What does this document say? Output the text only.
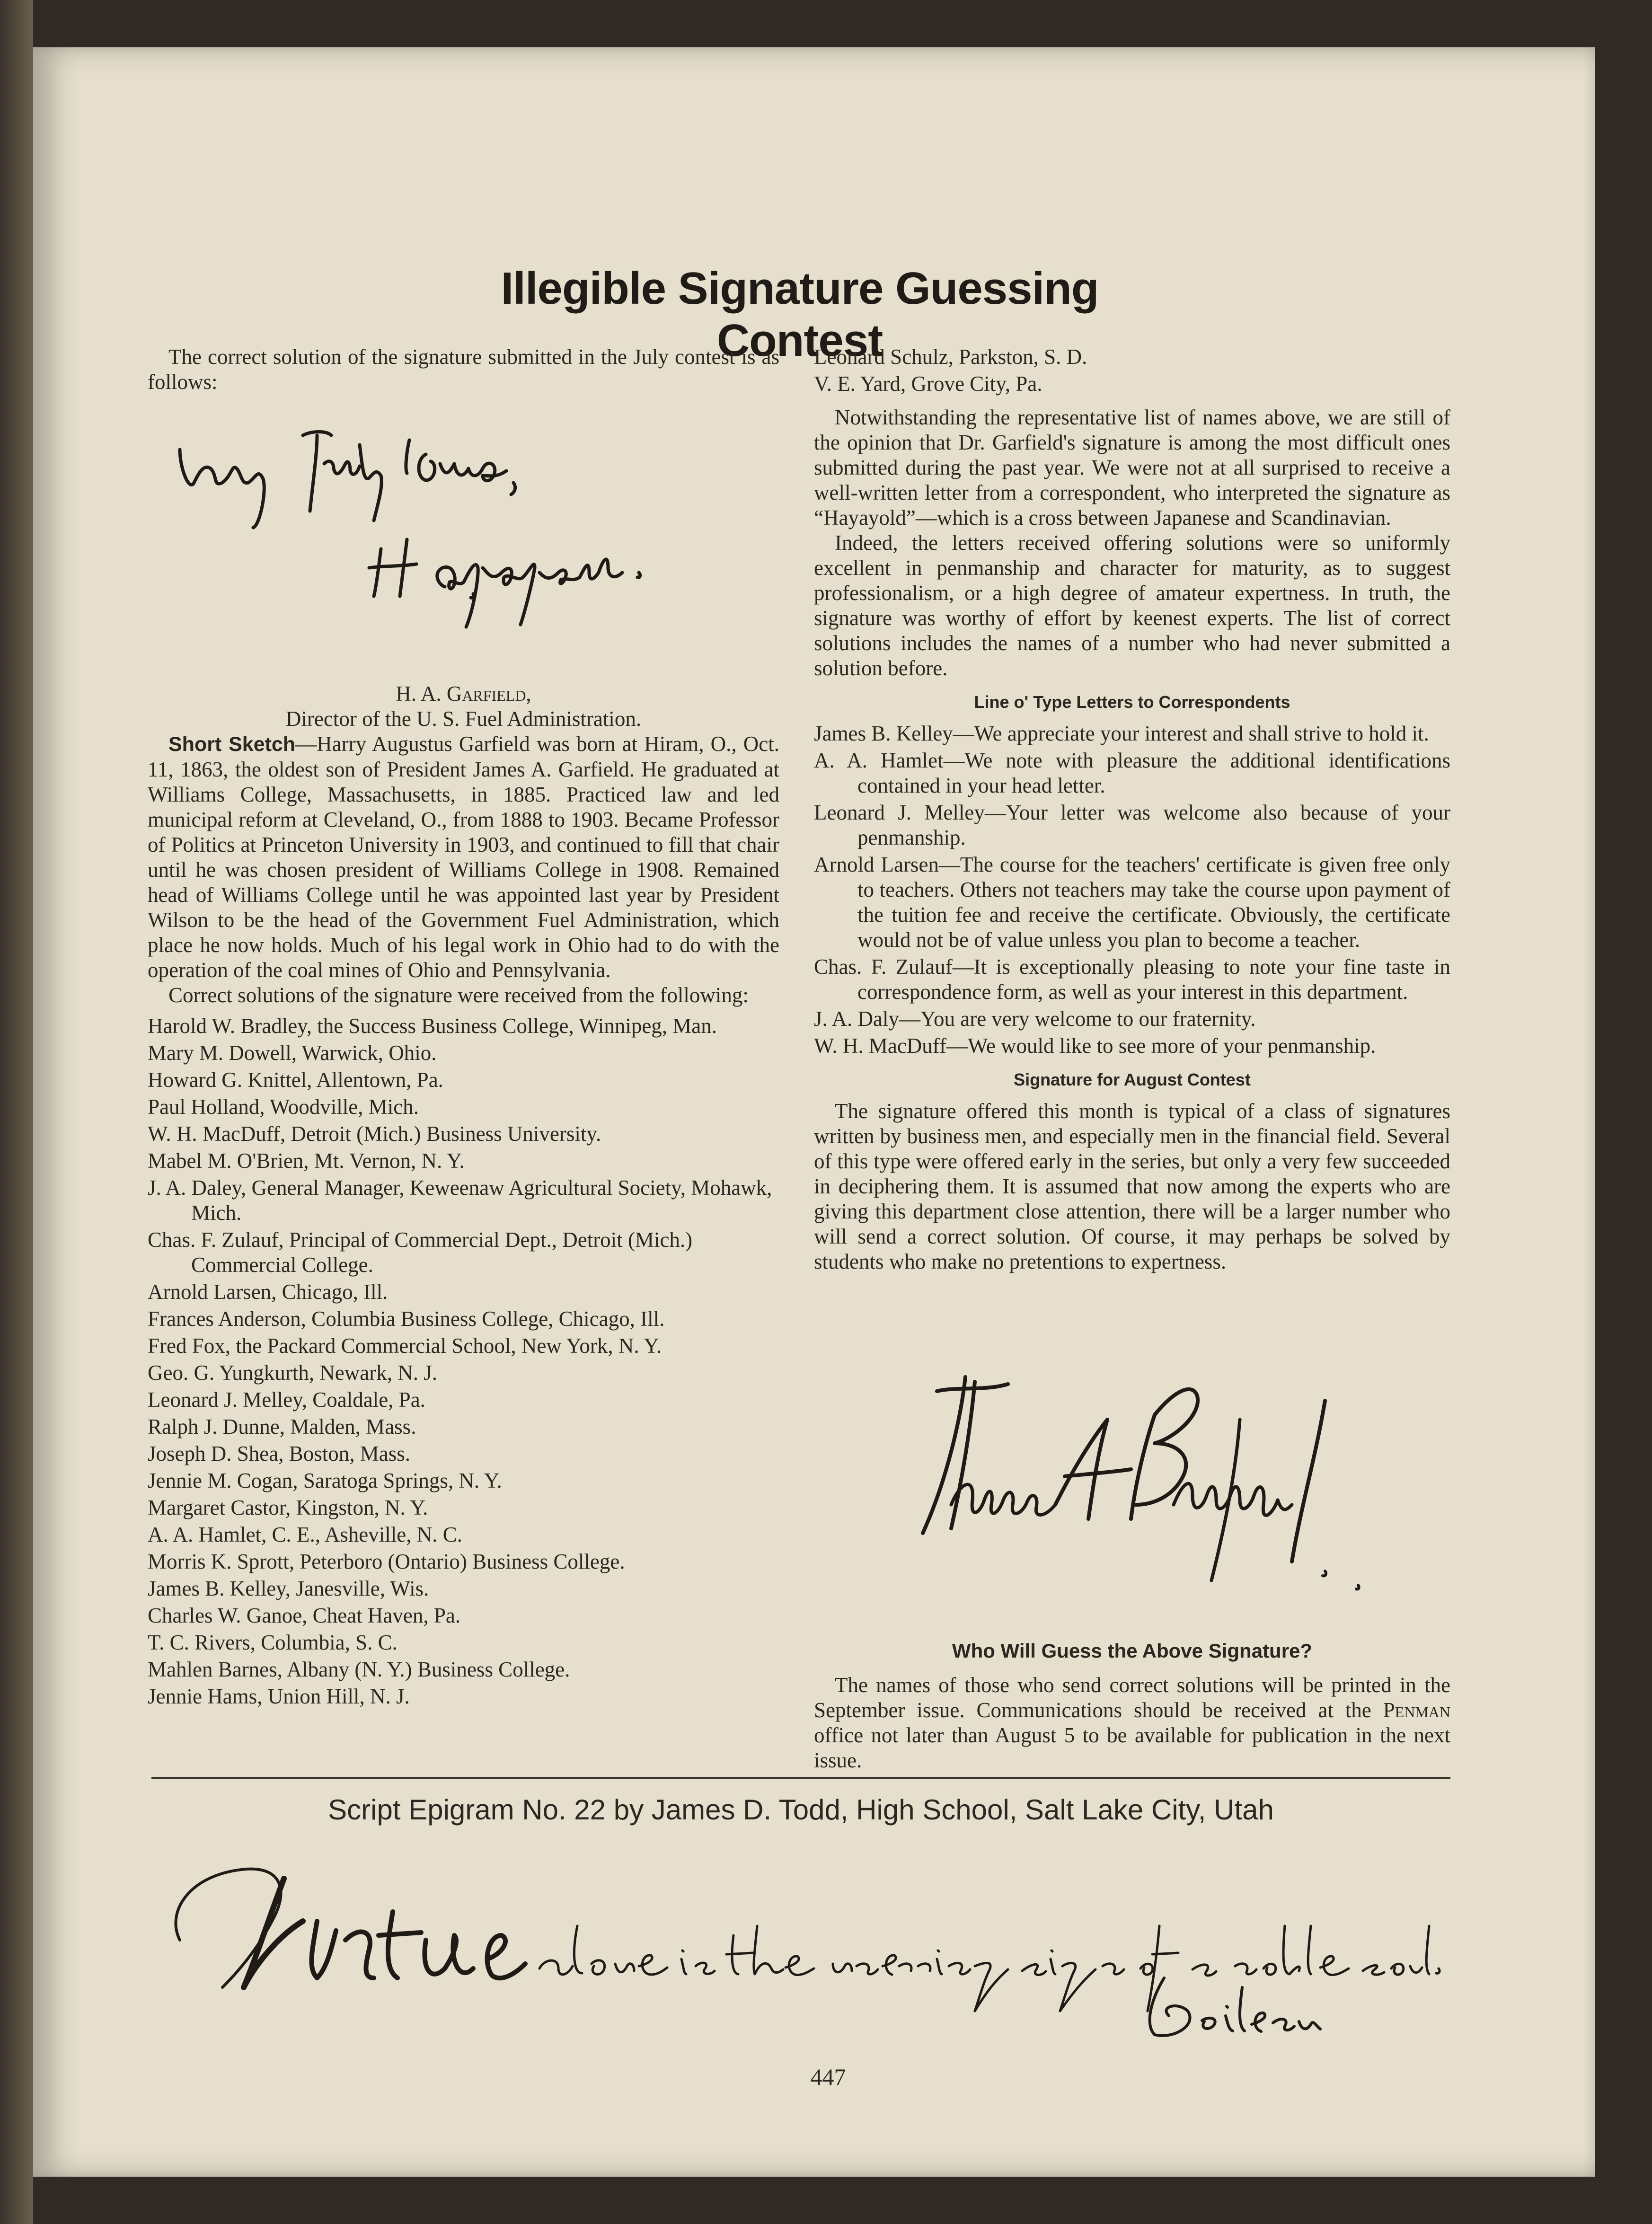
Illegible Signature Guessing Contest

The correct solution of the signature submitted in the July contest is as follows:

H. A. Garfield,

Director of the U. S. Fuel Administration.

Short Sketch—Harry Augustus Garfield was born at Hiram, O., Oct. 11, 1863, the oldest son of President James A. Garfield. He graduated at Williams College, Massachusetts, in 1885. Practiced law and led municipal reform at Cleveland, O., from 1888 to 1903. Became Professor of Politics at Princeton University in 1903, and continued to fill that chair until he was chosen president of Williams College in 1908. Remained head of Williams College until he was appointed last year by President Wilson to be the head of the Government Fuel Administration, which place he now holds. Much of his legal work in Ohio had to do with the operation of the coal mines of Ohio and Pennsylvania.

Correct solutions of the signature were received from the following:

Harold W. Bradley, the Success Business College, Winnipeg, Man.
Mary M. Dowell, Warwick, Ohio.
Howard G. Knittel, Allentown, Pa.
Paul Holland, Woodville, Mich.
W. H. MacDuff, Detroit (Mich.) Business University.
Mabel M. O'Brien, Mt. Vernon, N. Y.
J. A. Daley, General Manager, Keweenaw Agricultural Society, Mohawk, Mich.
Chas. F. Zulauf, Principal of Commercial Dept., Detroit (Mich.) Commercial College.
Arnold Larsen, Chicago, Ill.
Frances Anderson, Columbia Business College, Chicago, Ill.
Fred Fox, the Packard Commercial School, New York, N. Y.
Geo. G. Yungkurth, Newark, N. J.
Leonard J. Melley, Coaldale, Pa.
Ralph J. Dunne, Malden, Mass.
Joseph D. Shea, Boston, Mass.
Jennie M. Cogan, Saratoga Springs, N. Y.
Margaret Castor, Kingston, N. Y.
A. A. Hamlet, C. E., Asheville, N. C.
Morris K. Sprott, Peterboro (Ontario) Business College.
James B. Kelley, Janesville, Wis.
Charles W. Ganoe, Cheat Haven, Pa.
T. C. Rivers, Columbia, S. C.
Mahlen Barnes, Albany (N. Y.) Business College.
Jennie Hams, Union Hill, N. J.
Leonard Schulz, Parkston, S. D.
V. E. Yard, Grove City, Pa.

Notwithstanding the representative list of names above, we are still of the opinion that Dr. Garfield's signature is among the most difficult ones submitted during the past year. We were not at all surprised to receive a well-written letter from a correspondent, who interpreted the signature as “Hayayold”—which is a cross between Japanese and Scandinavian.

Indeed, the letters received offering solutions were so uniformly excellent in penmanship and character for maturity, as to suggest professionalism, or a high degree of amateur expertness. In truth, the signature was worthy of effort by keenest experts. The list of correct solutions includes the names of a number who had never submitted a solution before.

Line o' Type Letters to Correspondents
James B. Kelley—We appreciate your interest and shall strive to hold it.
A. A. Hamlet—We note with pleasure the additional identifications contained in your head letter.
Leonard J. Melley—Your letter was welcome also because of your penmanship.
Arnold Larsen—The course for the teachers' certificate is given free only to teachers. Others not teachers may take the course upon payment of the tuition fee and receive the certificate. Obviously, the certificate would not be of value unless you plan to become a teacher.
Chas. F. Zulauf—It is exceptionally pleasing to note your fine taste in correspondence form, as well as your interest in this department.
J. A. Daly—You are very welcome to our fraternity.
W. H. MacDuff—We would like to see more of your penmanship.
Signature for August Contest

The signature offered this month is typical of a class of signatures written by business men, and especially men in the financial field. Several of this type were offered early in the series, but only a very few succeeded in deciphering them. It is assumed that now among the experts who are giving this department close attention, there will be a larger number who will send a correct solution. Of course, it may perhaps be solved by students who make no pretentions to expertness.

Who Will Guess the Above Signature?

The names of those who send correct solutions will be printed in the September issue. Communications should be received at the Penman office not later than August 5 to be available for publication in the next issue.

Script Epigram No. 22 by James D. Todd, High School, Salt Lake City, Utah
447
